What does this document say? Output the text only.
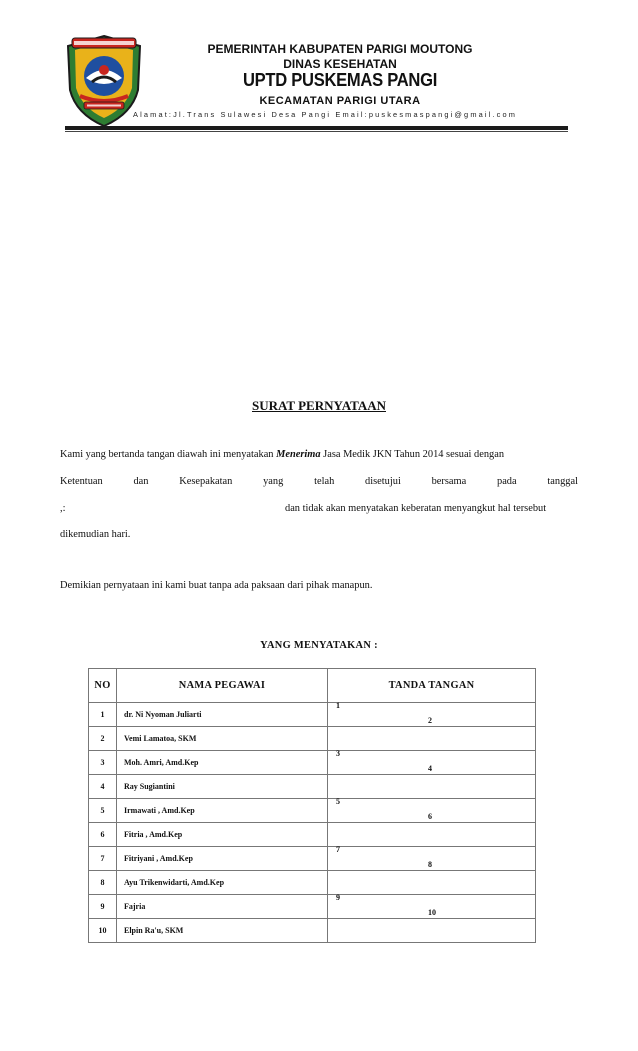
PEMERINTAH KABUPATEN PARIGI MOUTONG
DINAS KESEHATAN
UPTD PUSKEMAS PANGI
KECAMATAN PARIGI UTARA
Alamat:Jl.Trans Sulawesi Desa Pangi Email:puskesmaspangi@gmail.com
SURAT PERNYATAAN
Kami yang bertanda tangan diawah ini menyatakan Menerima Jasa Medik JKN Tahun 2014 sesuai dengan
Ketentuan	dan	Kesepakatan	yang	telah	disetujui	bersama	pada	tanggal
,:	dan tidak akan menyatakan keberatan menyangkut hal tersebut
dikemudian hari.
Demikian pernyataan ini kami buat tanpa ada paksaan dari pihak manapun.
YANG MENYATAKAN :
NO	NAMA PEGAWAI	TANDA TANGAN
1	dr. Ni Nyoman Juliarti	1

2	Vemi Lamatoa, SKM	2

3	Moh. Amri, Amd.Kep	3

4	Ray Sugiantini	4

5	Irmawati , Amd.Kep	5

6	Fitria , Amd.Kep	6

7	Fitriyani , Amd.Kep	7

8	Ayu Trikenwidarti, Amd.Kep	8

9	Fajria	9

10	Elpin Ra'u, SKM	10
